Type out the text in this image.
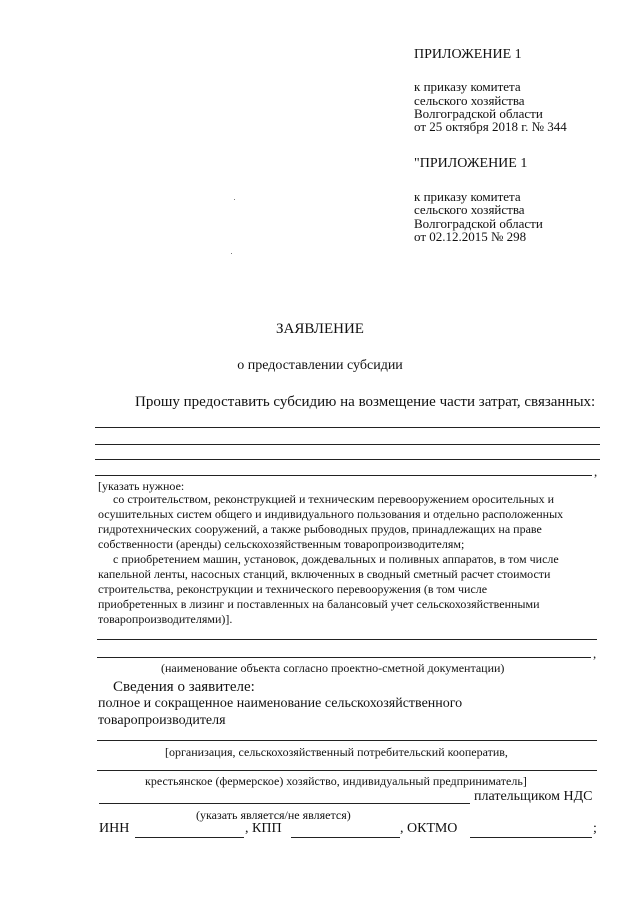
ПРИЛОЖЕНИЕ 1
к приказу комитета
сельского хозяйства
Волгоградской области
от 25 октября 2018 г. № 344
"ПРИЛОЖЕНИЕ 1
к приказу комитета
сельского хозяйства
Волгоградской области
от 02.12.2015 № 298
ЗАЯВЛЕНИЕ
о предоставлении субсидии
Прошу предоставить субсидию на возмещение части затрат, связанных:
,
[указать нужное:
со строительством, реконструкцией и техническим перевооружением оросительных и
осушительных систем общего и индивидуального пользования и отдельно расположенных
гидротехнических сооружений, а также рыбоводных прудов, принадлежащих на праве
собственности (аренды) сельскохозяйственным товаропроизводителям;
с приобретением машин, установок, дождевальных и поливных аппаратов, в том числе
капельной ленты, насосных станций, включенных в сводный сметный расчет стоимости
строительства, реконструкции и технического перевооружения (в том числе
приобретенных в лизинг и поставленных на балансовый учет сельскохозяйственными
товаропроизводителями)].
,
(наименование объекта согласно проектно-сметной документации)
Сведения о заявителе:
полное и сокращенное наименование сельскохозяйственного
товаропроизводителя
[организация, сельскохозяйственный потребительский кооператив,
крестьянское (фермерское) хозяйство, индивидуальный предприниматель]
плательщиком НДС
(указать является/не является)
ИНН	, КПП	, ОКТМО	;
